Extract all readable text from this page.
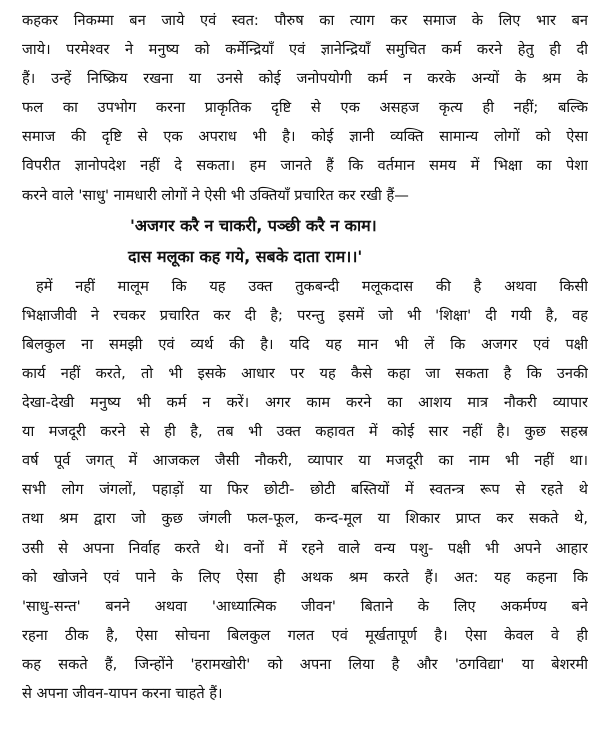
कहकर निकम्मा बन जाये एवं स्वत: पौरुष का त्याग कर समाज के लिए भार बन
जाये। परमेश्वर ने मनुष्य को कर्मेन्द्रियाँ एवं ज्ञानेन्द्रियाँ समुचित कर्म करने हेतु ही दी
हैं। उन्हें निष्क्रिय रखना या उनसे कोई जनोपयोगी कर्म न करके अन्यों के श्रम के
फल का उपभोग करना प्राकृतिक दृष्टि से एक असहज कृत्य ही नहीं; बल्कि
समाज की दृष्टि से एक अपराध भी है। कोई ज्ञानी व्यक्ति सामान्य लोगों को ऐसा
विपरीत ज्ञानोपदेश नहीं दे सकता। हम जानते हैं कि वर्तमान समय में भिक्षा का पेशा
करने वाले 'साधु' नामधारी लोगों ने ऐसी भी उक्तियाँ प्रचारित कर रखी हैं—
'अजगर करै न चाकरी, पञ्छी करै न काम।
दास मलूका कह गये, सबके दाता राम।।'
हमें नहीं मालूम कि यह उक्त तुकबन्दी मलूकदास की है अथवा किसी
भिक्षाजीवी ने रचकर प्रचारित कर दी है; परन्तु इसमें जो भी 'शिक्षा' दी गयी है, वह
बिलकुल ना समझी एवं व्यर्थ की है। यदि यह मान भी लें कि अजगर एवं पक्षी
कार्य नहीं करते, तो भी इसके आधार पर यह कैसे कहा जा सकता है कि उनकी
देखा-देखी मनुष्य भी कर्म न करें। अगर काम करने का आशय मात्र नौकरी व्यापार
या मजदूरी करने से ही है, तब भी उक्त कहावत में कोई सार नहीं है। कुछ सहस्र
वर्ष पूर्व जगत् में आजकल जैसी नौकरी, व्यापार या मजदूरी का नाम भी नहीं था।
सभी लोग जंगलों, पहाड़ों या फिर छोटी- छोटी बस्तियों में स्वतन्त्र रूप से रहते थे
तथा श्रम द्वारा जो कुछ जंगली फल-फूल, कन्द-मूल या शिकार प्राप्त कर सकते थे,
उसी से अपना निर्वाह करते थे। वनों में रहने वाले वन्य पशु- पक्षी भी अपने आहार
को खोजने एवं पाने के लिए ऐसा ही अथक श्रम करते हैं। अत: यह कहना कि
'साधु-सन्त' बनने अथवा 'आध्यात्मिक जीवन' बिताने के लिए अकर्मण्य बने
रहना ठीक है, ऐसा सोचना बिलकुल गलत एवं मूर्खतापूर्ण है। ऐसा केवल वे ही
कह सकते हैं, जिन्होंने 'हरामखोरी' को अपना लिया है और 'ठगविद्या' या बेशरमी
से अपना जीवन-यापन करना चाहते हैं।
